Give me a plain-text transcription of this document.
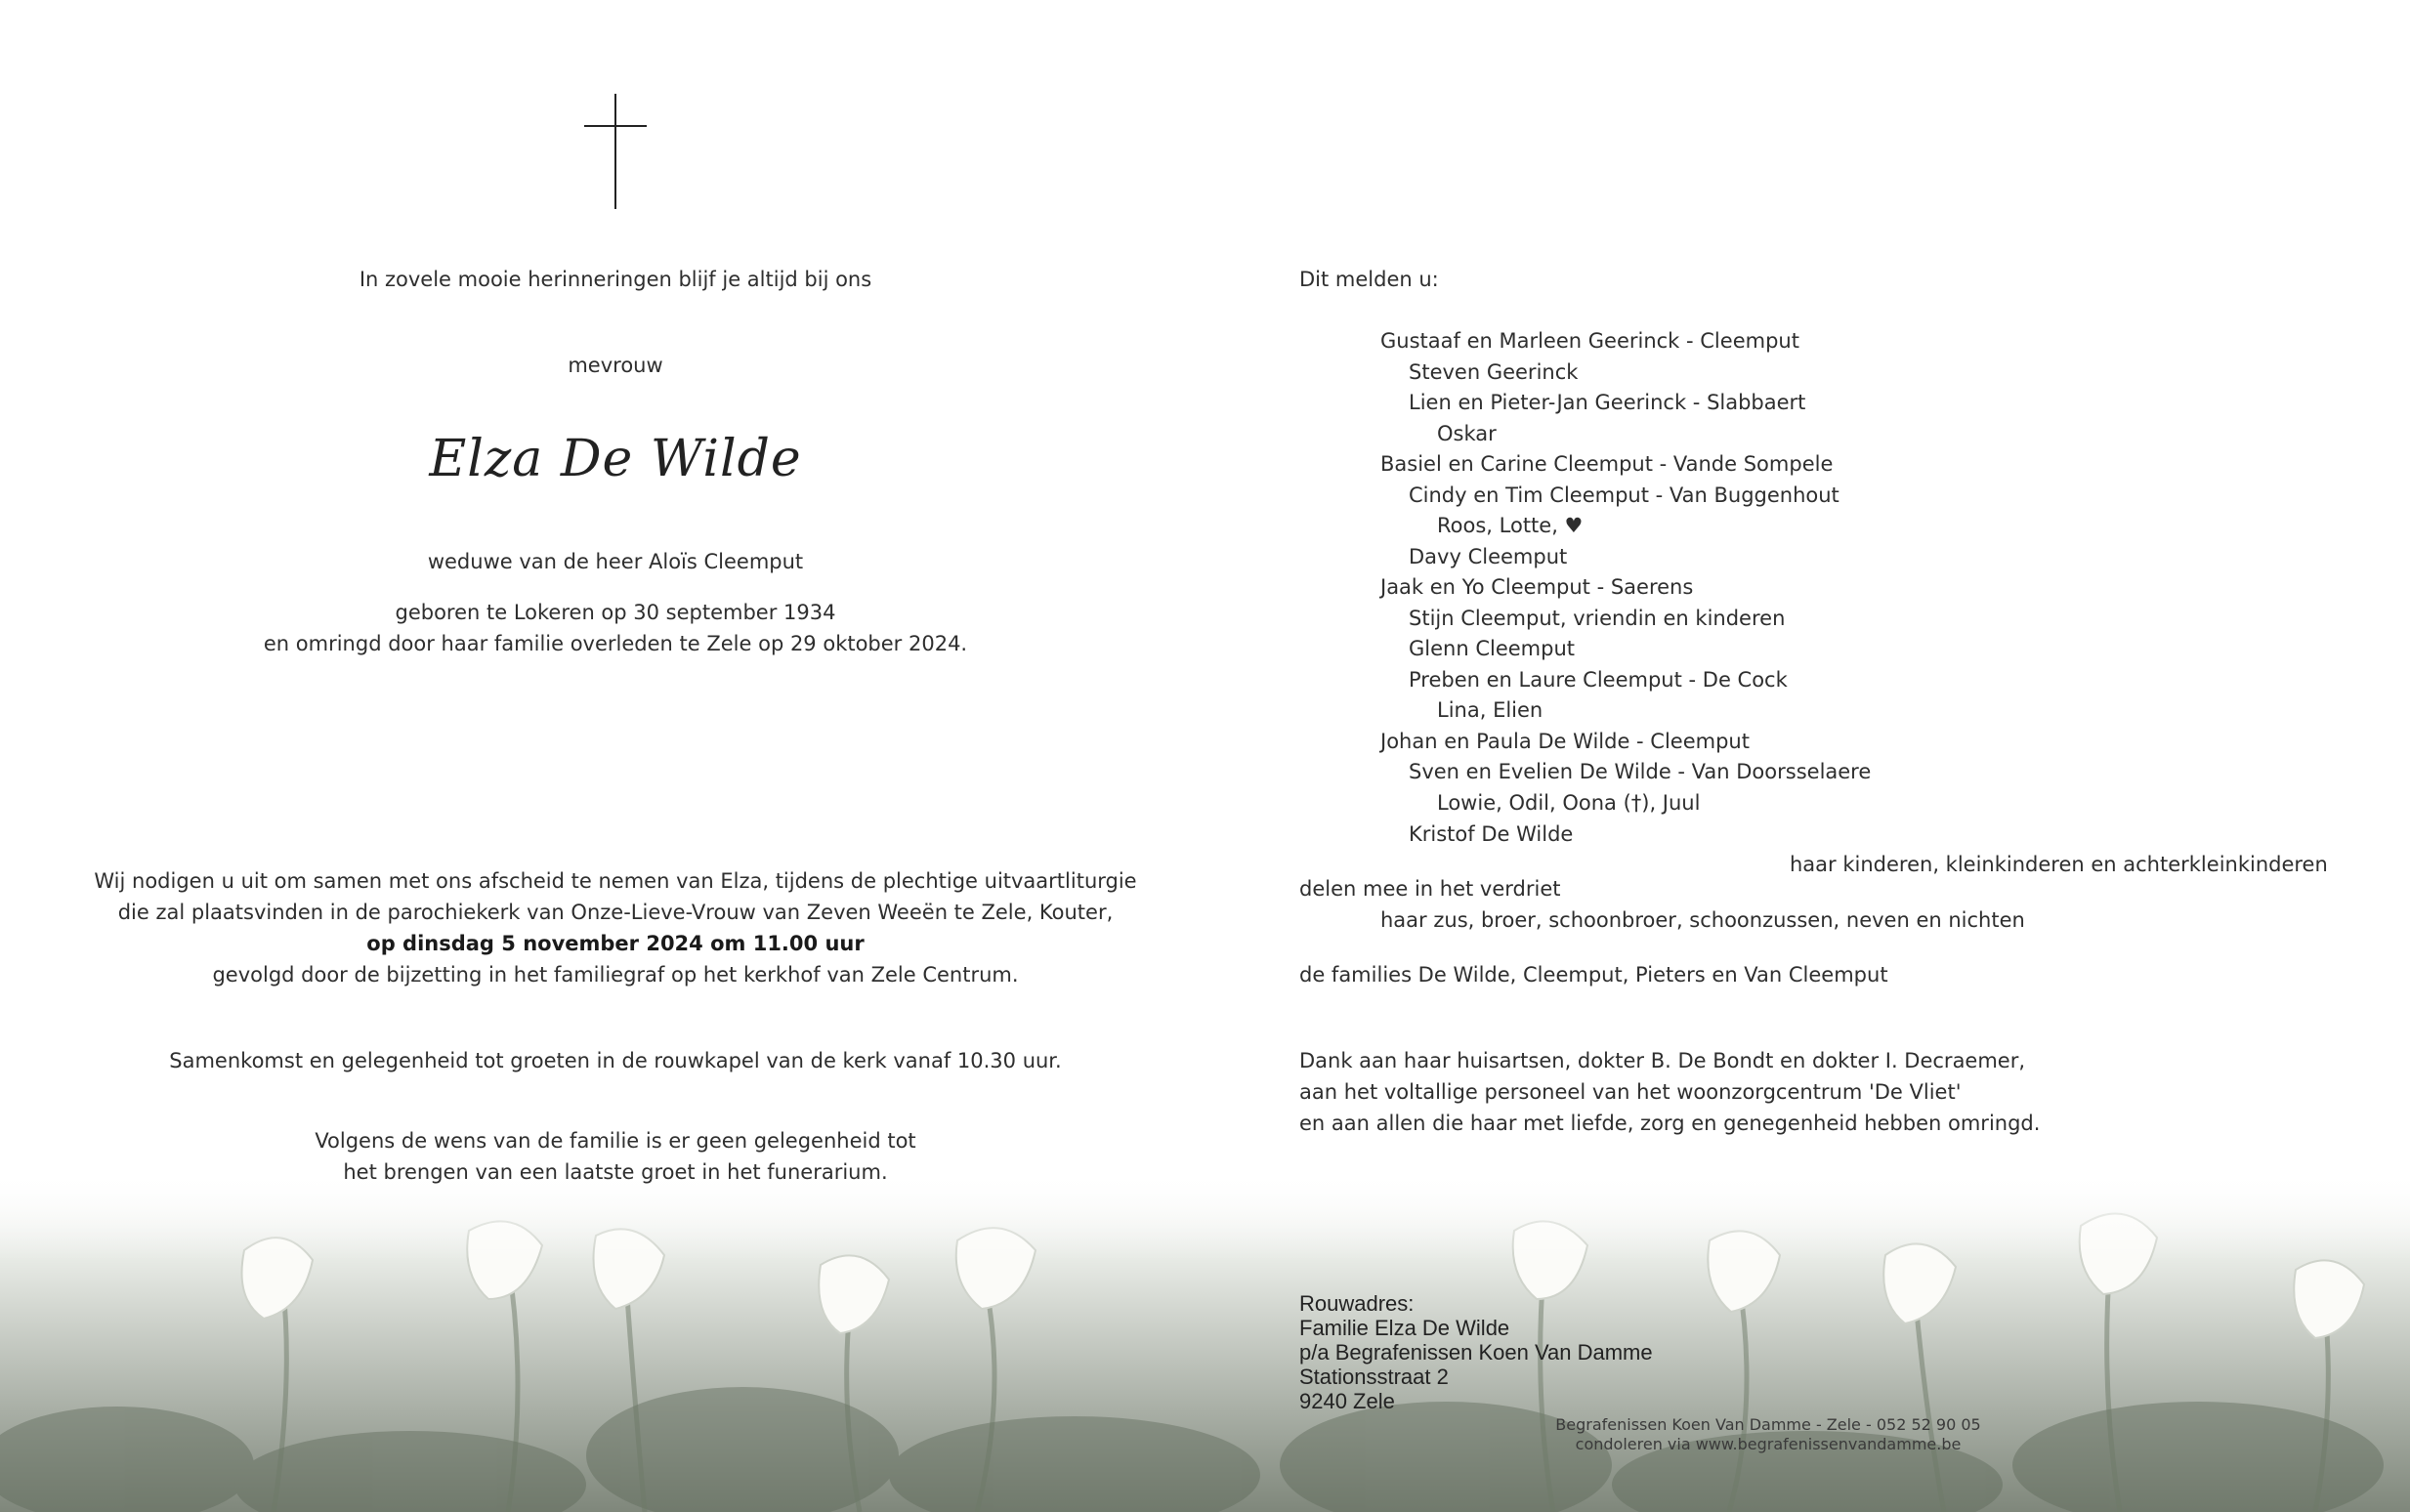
In zovele mooie herinneringen blijf je altijd bij ons
mevrouw
Elza De Wilde
weduwe van de heer Aloïs Cleemput
geboren te Lokeren op 30 september 1934
en omringd door haar familie overleden te Zele op 29 oktober 2024.
Wij nodigen u uit om samen met ons afscheid te nemen van Elza, tijdens de plechtige uitvaartliturgie
die zal plaatsvinden in de parochiekerk van Onze-Lieve-Vrouw van Zeven Weeën te Zele, Kouter,
op dinsdag 5 november 2024 om 11.00 uur
gevolgd door de bijzetting in het familiegraf op het kerkhof van Zele Centrum.
Samenkomst en gelegenheid tot groeten in de rouwkapel van de kerk vanaf 10.30 uur.
Volgens de wens van de familie is er geen gelegenheid tot
het brengen van een laatste groet in het funerarium.
Dit melden u:
Gustaaf en Marleen Geerinck - Cleemput
Steven Geerinck
Lien en Pieter-Jan Geerinck - Slabbaert
Oskar
Basiel en Carine Cleemput - Vande Sompele
Cindy en Tim Cleemput - Van Buggenhout
Roos, Lotte, ♥
Davy Cleemput
Jaak en Yo Cleemput - Saerens
Stijn Cleemput, vriendin en kinderen
Glenn Cleemput
Preben en Laure Cleemput - De Cock
Lina, Elien
Johan en Paula De Wilde - Cleemput
Sven en Evelien De Wilde - Van Doorsselaere
Lowie, Odil, Oona (†), Juul
Kristof De Wilde
haar kinderen, kleinkinderen en achterkleinkinderen
delen mee in het verdriet
haar zus, broer, schoonbroer, schoonzussen, neven en nichten
de families De Wilde, Cleemput, Pieters en Van Cleemput
Dank aan haar huisartsen, dokter B. De Bondt en dokter I. Decraemer,
aan het voltallige personeel van het woonzorgcentrum 'De Vliet'
en aan allen die haar met liefde, zorg en genegenheid hebben omringd.
Rouwadres:
Familie Elza De Wilde
p/a Begrafenissen Koen Van Damme
Stationsstraat 2
9240 Zele
Begrafenissen Koen Van Damme - Zele - 052 52 90 05
condoleren via www.begrafenissenvandamme.be
